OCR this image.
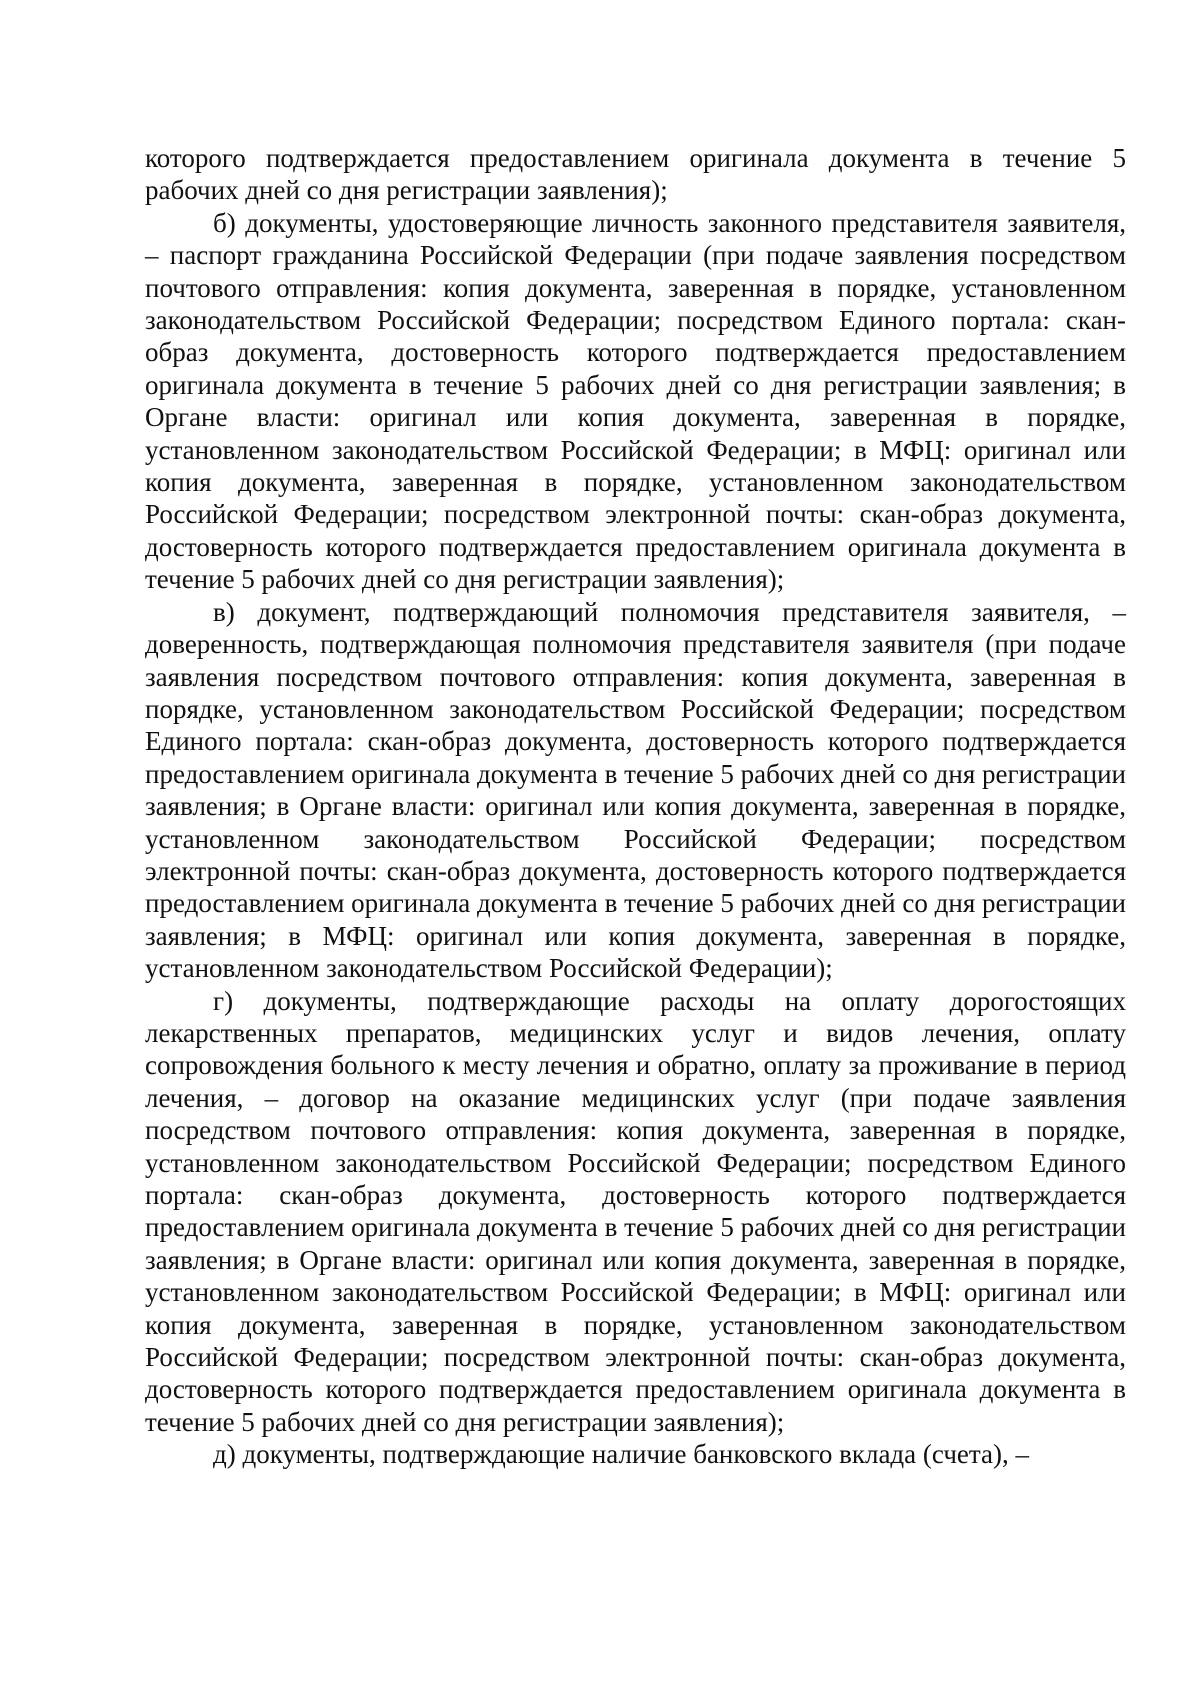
которого подтверждается предоставлением оригинала документа в течение 5 рабочих дней со дня регистрации заявления);

б) документы, удостоверяющие личность законного представителя заявителя, – паспорт гражданина Российской Федерации (при подаче заявления посредством почтового отправления: копия документа, заверенная в порядке, установленном законодательством Российской Федерации; посредством Единого портала: скан-образ документа, достоверность которого подтверждается предоставлением оригинала документа в течение 5 рабочих дней со дня регистрации заявления; в Органе власти: оригинал или копия документа, заверенная в порядке, установленном законодательством Российской Федерации; в МФЦ: оригинал или копия документа, заверенная в порядке, установленном законодательством Российской Федерации; посредством электронной почты: скан-образ документа, достоверность которого подтверждается предоставлением оригинала документа в течение 5 рабочих дней со дня регистрации заявления);

в) документ, подтверждающий полномочия представителя заявителя, – доверенность, подтверждающая полномочия представителя заявителя (при подаче заявления посредством почтового отправления: копия документа, заверенная в порядке, установленном законодательством Российской Федерации; посредством Единого портала: скан-образ документа, достоверность которого подтверждается предоставлением оригинала документа в течение 5 рабочих дней со дня регистрации заявления; в Органе власти: оригинал или копия документа, заверенная в порядке, установленном законодательством Российской Федерации; посредством электронной почты: скан-образ документа, достоверность которого подтверждается предоставлением оригинала документа в течение 5 рабочих дней со дня регистрации заявления; в МФЦ: оригинал или копия документа, заверенная в порядке, установленном законодательством Российской Федерации);

г) документы, подтверждающие расходы на оплату дорогостоящих лекарственных препаратов, медицинских услуг и видов лечения, оплату сопровождения больного к месту лечения и обратно, оплату за проживание в период лечения, – договор на оказание медицинских услуг (при подаче заявления посредством почтового отправления: копия документа, заверенная в порядке, установленном законодательством Российской Федерации; посредством Единого портала: скан-образ документа, достоверность которого подтверждается предоставлением оригинала документа в течение 5 рабочих дней со дня регистрации заявления; в Органе власти: оригинал или копия документа, заверенная в порядке, установленном законодательством Российской Федерации; в МФЦ: оригинал или копия документа, заверенная в порядке, установленном законодательством Российской Федерации; посредством электронной почты: скан-образ документа, достоверность которого подтверждается предоставлением оригинала документа в течение 5 рабочих дней со дня регистрации заявления);

д) документы, подтверждающие наличие банковского вклада (счета), –
